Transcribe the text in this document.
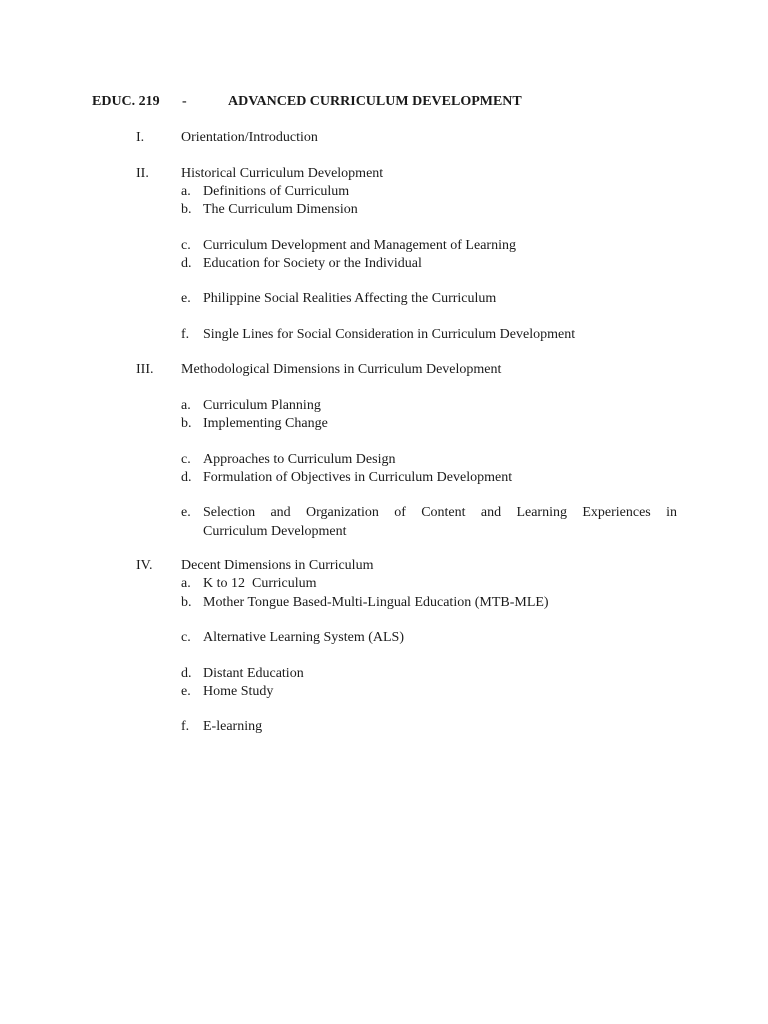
EDUC. 219 -	ADVANCED CURRICULUM DEVELOPMENT
I.	Orientation/Introduction
II. Historical Curriculum Development
a. Definitions of Curriculum
b. The Curriculum Dimension
c. Curriculum Development and Management of Learning
d. Education for Society or the Individual
e. Philippine Social Realities Affecting the Curriculum
f. Single Lines for Social Consideration in Curriculum Development
III. Methodological Dimensions in Curriculum Development
a. Curriculum Planning
b. Implementing Change
c. Approaches to Curriculum Design
d. Formulation of Objectives in Curriculum Development
e. Selection and Organization of Content and Learning Experiences in
Curriculum Development
IV. Decent Dimensions in Curriculum
a. K to 12  Curriculum
b. Mother Tongue Based-Multi-Lingual Education (MTB-MLE)
c. Alternative Learning System (ALS)
d. Distant Education
e. Home Study
f. E-learning
